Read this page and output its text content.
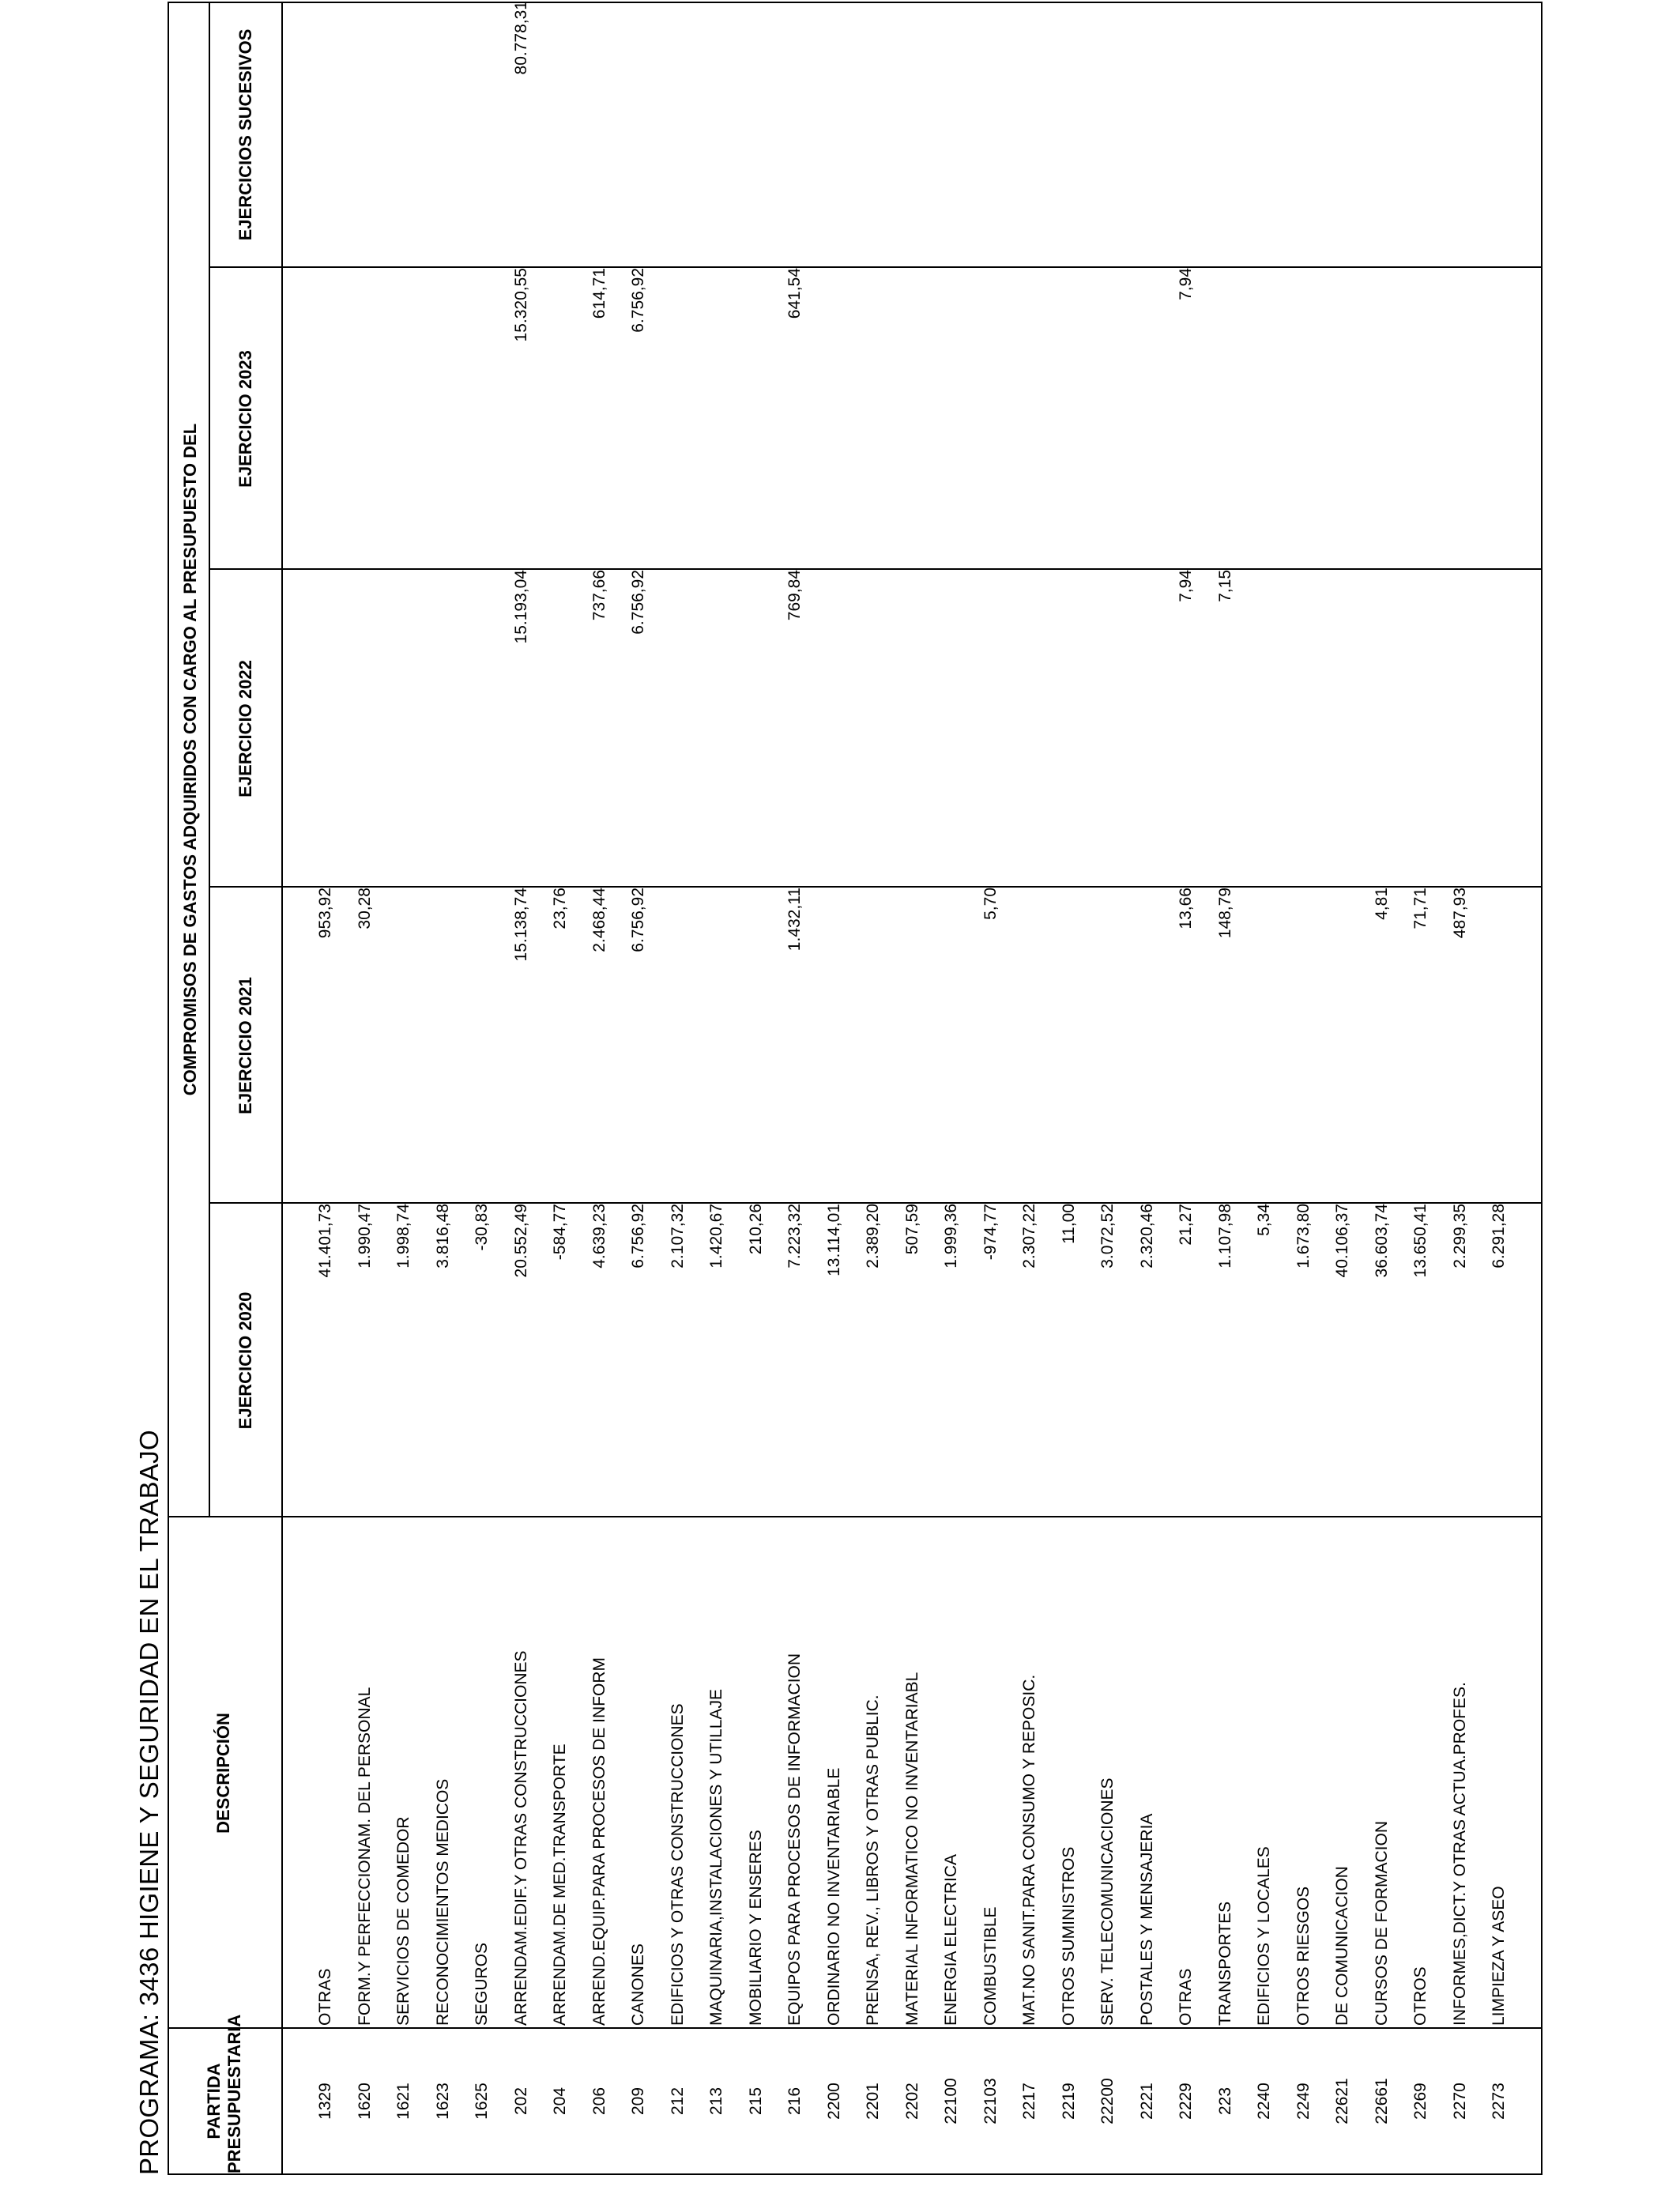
PROGRAMA: 3436 HIGIENE Y SEGURIDAD EN EL TRABAJO PARTIDA PRESUPUESTARIA
DESCRIPCIÓN
COMPROMISOS DE GASTOS ADQUIRIDOS CON CARGO AL PRESUPUESTO DEL
EJERCICIO 2020
EJERCICIO 2021
EJERCICIO 2022
EJERCICIO 2023
EJERCICIOS SUCESIVOS
1329
OTRAS
41.401,73
953,92
1620
FORM.Y PERFECCIONAM. DEL PERSONAL
1.990,47
30,28
1621
SERVICIOS DE COMEDOR
1.998,74
1623
RECONOCIMIENTOS MEDICOS
3.816,48
1625
SEGUROS
-30,83
202
ARRENDAM.EDIF.Y OTRAS CONSTRUCCIONES
20.552,49
15.138,74
15.193,04
15.320,55
80.778,31
204
ARRENDAM.DE MED.TRANSPORTE
-584,77
23,76
206
ARREND.EQUIP.PARA PROCESOS DE INFORM
4.639,23
2.468,44
737,66
614,71
209
CANONES
6.756,92
6.756,92
6.756,92
6.756,92
212
EDIFICIOS Y OTRAS CONSTRUCCIONES
2.107,32
213
MAQUINARIA,INSTALACIONES Y UTILLAJE
1.420,67
215
MOBILIARIO Y ENSERES
210,26
216
EQUIPOS PARA PROCESOS DE INFORMACION
7.223,32
1.432,11
769,84
641,54
2200
ORDINARIO NO INVENTARIABLE
13.114,01
2201
PRENSA, REV., LIBROS Y OTRAS PUBLIC.
2.389,20
2202
MATERIAL INFORMATICO NO INVENTARIABL
507,59
22100
ENERGIA ELECTRICA
1.999,36
22103
COMBUSTIBLE
-974,77
5,70
2217
MAT.NO SANIT.PARA CONSUMO Y REPOSIC.
2.307,22
2219
OTROS SUMINISTROS
11,00
22200
SERV. TELECOMUNICACIONES
3.072,52
2221
POSTALES Y MENSAJERIA
2.320,46
2229
OTRAS
21,27
13,66
7,94
7,94
223
TRANSPORTES
1.107,98
148,79
7,15
2240
EDIFICIOS Y LOCALES
5,34
2249
OTROS RIESGOS
1.673,80
22621
DE COMUNICACION
40.106,37
22661
CURSOS DE FORMACION
36.603,74
4,81
2269
OTROS
13.650,41
71,71
2270
INFORMES,DICT.Y OTRAS ACTUA.PROFES.
2.299,35
487,93
2273
LIMPIEZA Y ASEO
6.291,28
